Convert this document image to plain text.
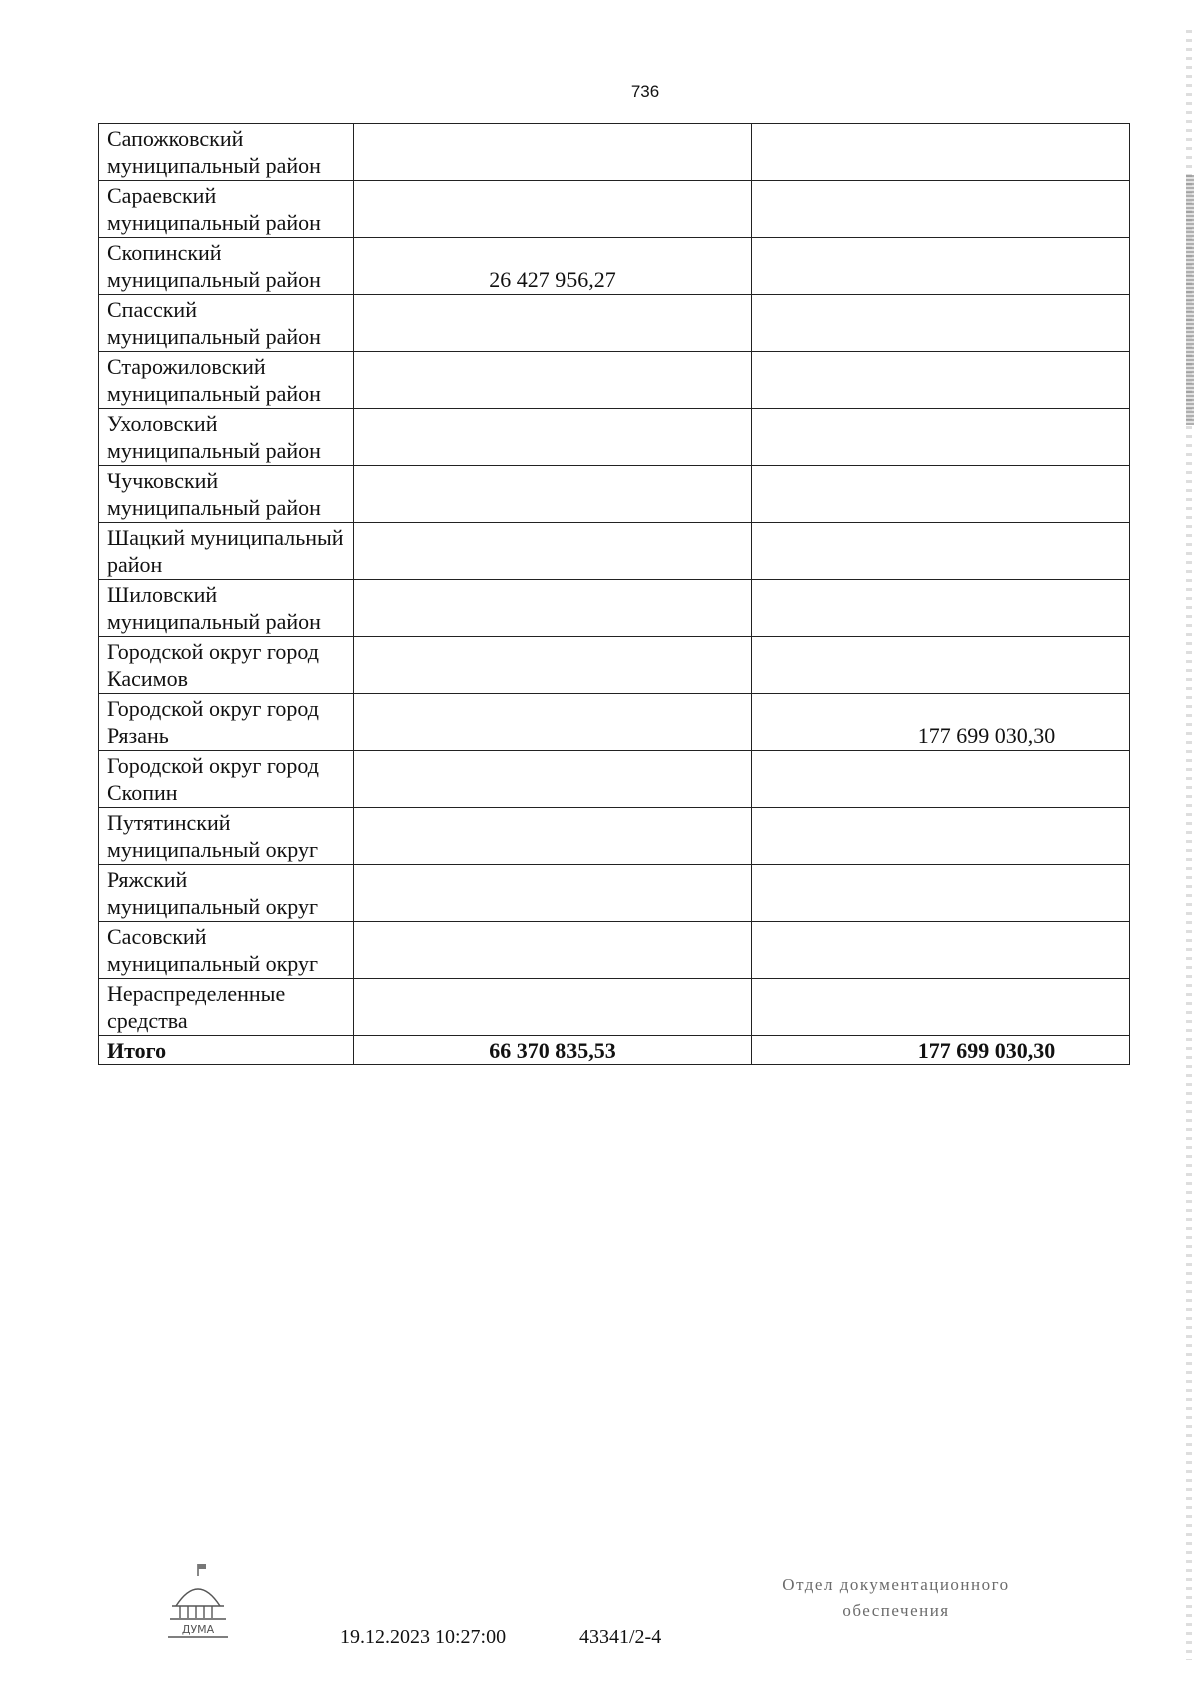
736
Сапожковский муниципальный район		
Сараевский муниципальный район		
Скопинский муниципальный район	26 427 956,27	
Спасский муниципальный район		
Старожиловский муниципальный район		
Ухоловский муниципальный район		
Чучковский муниципальный район		
Шацкий муниципальный район		
Шиловский муниципальный район		
Городской округ город Касимов		
Городской округ город Рязань		177 699 030,30
Городской округ город Скопин		
Путятинский муниципальный округ		
Ряжский муниципальный округ		
Сасовский муниципальный округ		
Нераспределенные средства		
Итого	66 370 835,53	177 699 030,30
ДУМА	19.12.2023 10:27:00	43341/2-4
Отдел документационного
обеспечения
